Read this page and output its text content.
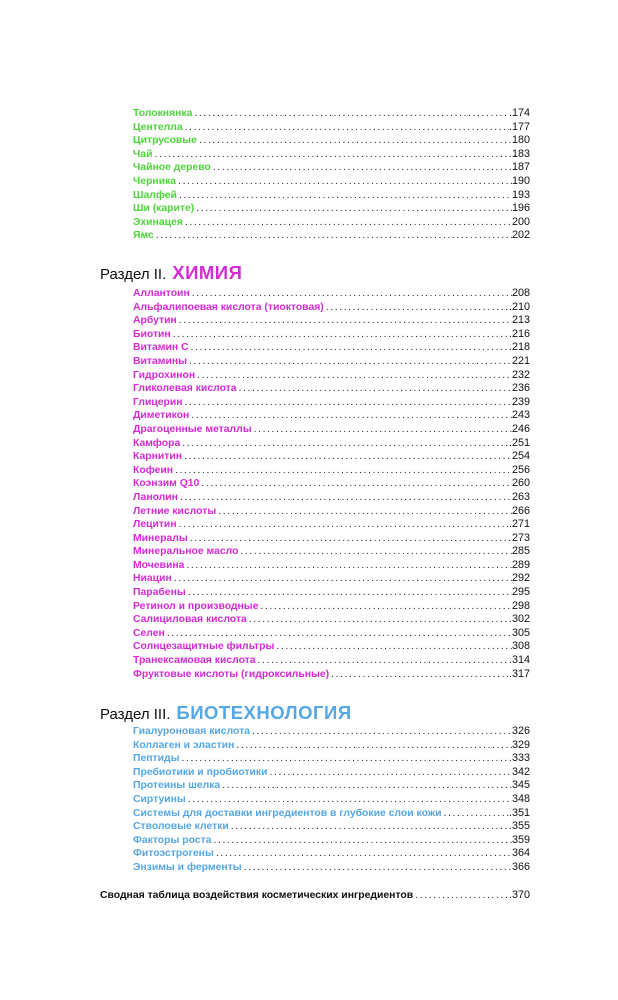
Толокнянка .....	.174
Центелла .....	.177
Цитрусовые .....	180
Чай .....	183
Чайное дерево .....	187
Черника .....	190
Шалфей .....	193
Ши (карите) .....	196
Эхинацея .....	200
Ямс .....	202
Раздел II. ХИМИЯ
Аллантоин .....	208
Альфалипоевая кислота (тиоктовая) .....	.210
Арбутин .....	213
Биотин .....	.216
Витамин С .....	218
Витамины .....	221
Гидрохинон .....	232
Гликолевая кислота .....	236
Глицерин .....	239
Диметикон .....	243
Драгоценные металлы .....	246
Камфора .....	.251
Карнитин .....	254
Кофеин .....	256
Коэнзим Q10 .....	260
Ланолин .....	263
Летние кислоты .....	266
Лецитин .....	.271
Минералы .....	273
Минеральное масло .....	285
Мочевина .....	289
Ниацин .....	292
Парабены .....	295
Ретинол и производные .....	298
Салициловая кислота .....	302
Селен .....	305
Солнцезащитные фильтры .....	308
Транексамовая кислота .....	.314
Фруктовые кислоты (гидроксильные) .....	.317
Раздел III. БИОТЕХНОЛОГИЯ
Гиалуроновая кислота .....	326
Коллаген и эластин .....	329
Пептиды .....	333
Пребиотики и пробиотики .....	342
Протеины шелка .....	345
Сиртуины .....	348
Системы для доставки ингредиентов в глубокие слои кожи .....	.351
Стволовые клетки .....	355
Факторы роста .....	359
Фитоэстрогены .....	364
Энзимы и ферменты .....	366
Сводная таблица воздействия косметических ингредиентов .....	.370
